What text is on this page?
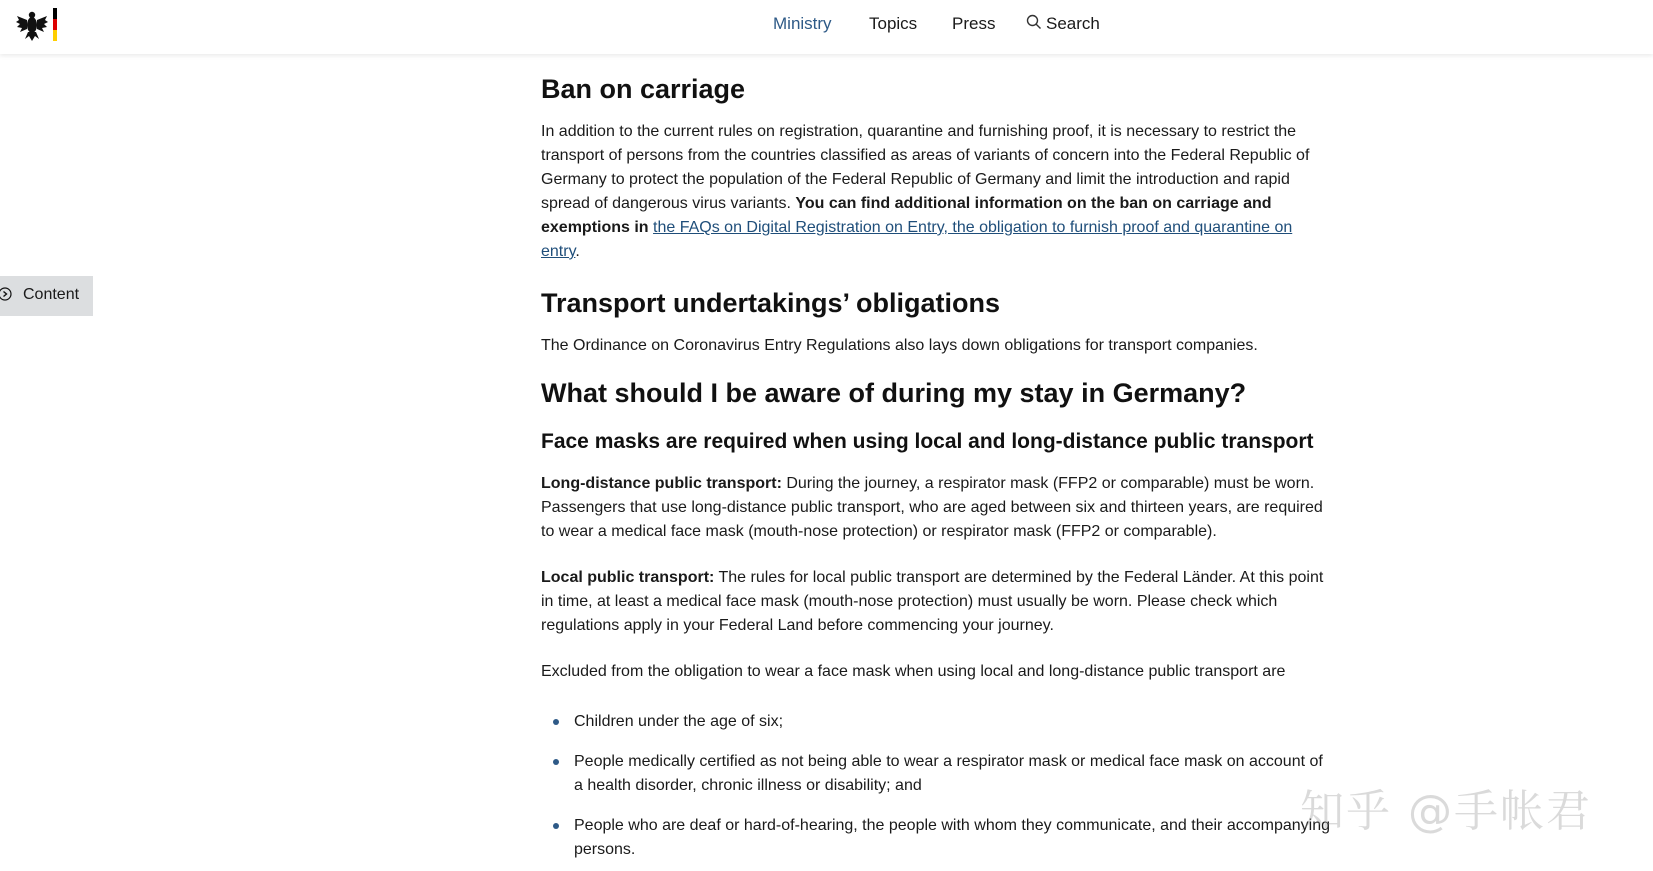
Ministry Topics Press	Search
Content
Ban on carriage

In addition to the current rules on registration, quarantine and furnishing proof, it is necessary to restrict the transport of persons from the countries classified as areas of variants of concern into the Federal Republic of Germany to protect the population of the Federal Republic of Germany and limit the introduction and rapid spread of dangerous virus variants. You can find additional information on the ban on carriage and exemptions in the FAQs on Digital Registration on Entry, the obligation to furnish proof and quarantine on entry.

Transport undertakings’ obligations

The Ordinance on Coronavirus Entry Regulations also lays down obligations for transport companies.

What should I be aware of during my stay in Germany?
Face masks are required when using local and long-distance public transport

Long-distance public transport: During the journey, a respirator mask (FFP2 or comparable) must be worn. Passengers that use long-distance public transport, who are aged between six and thirteen years, are required to wear a medical face mask (mouth-nose protection) or respirator mask (FFP2 or comparable).

Local public transport: The rules for local public transport are determined by the Federal Länder. At this point in time, at least a medical face mask (mouth-nose protection) must usually be worn. Please check which regulations apply in your Federal Land before commencing your journey.

Excluded from the obligation to wear a face mask when using local and long-distance public transport are

Children under the age of six;
People medically certified as not being able to wear a respirator mask or medical face mask on account of a health disorder, chronic illness or disability; and
People who are deaf or hard-of-hearing, the people with whom they communicate, and their accompanying persons.
知乎 @手帐君
